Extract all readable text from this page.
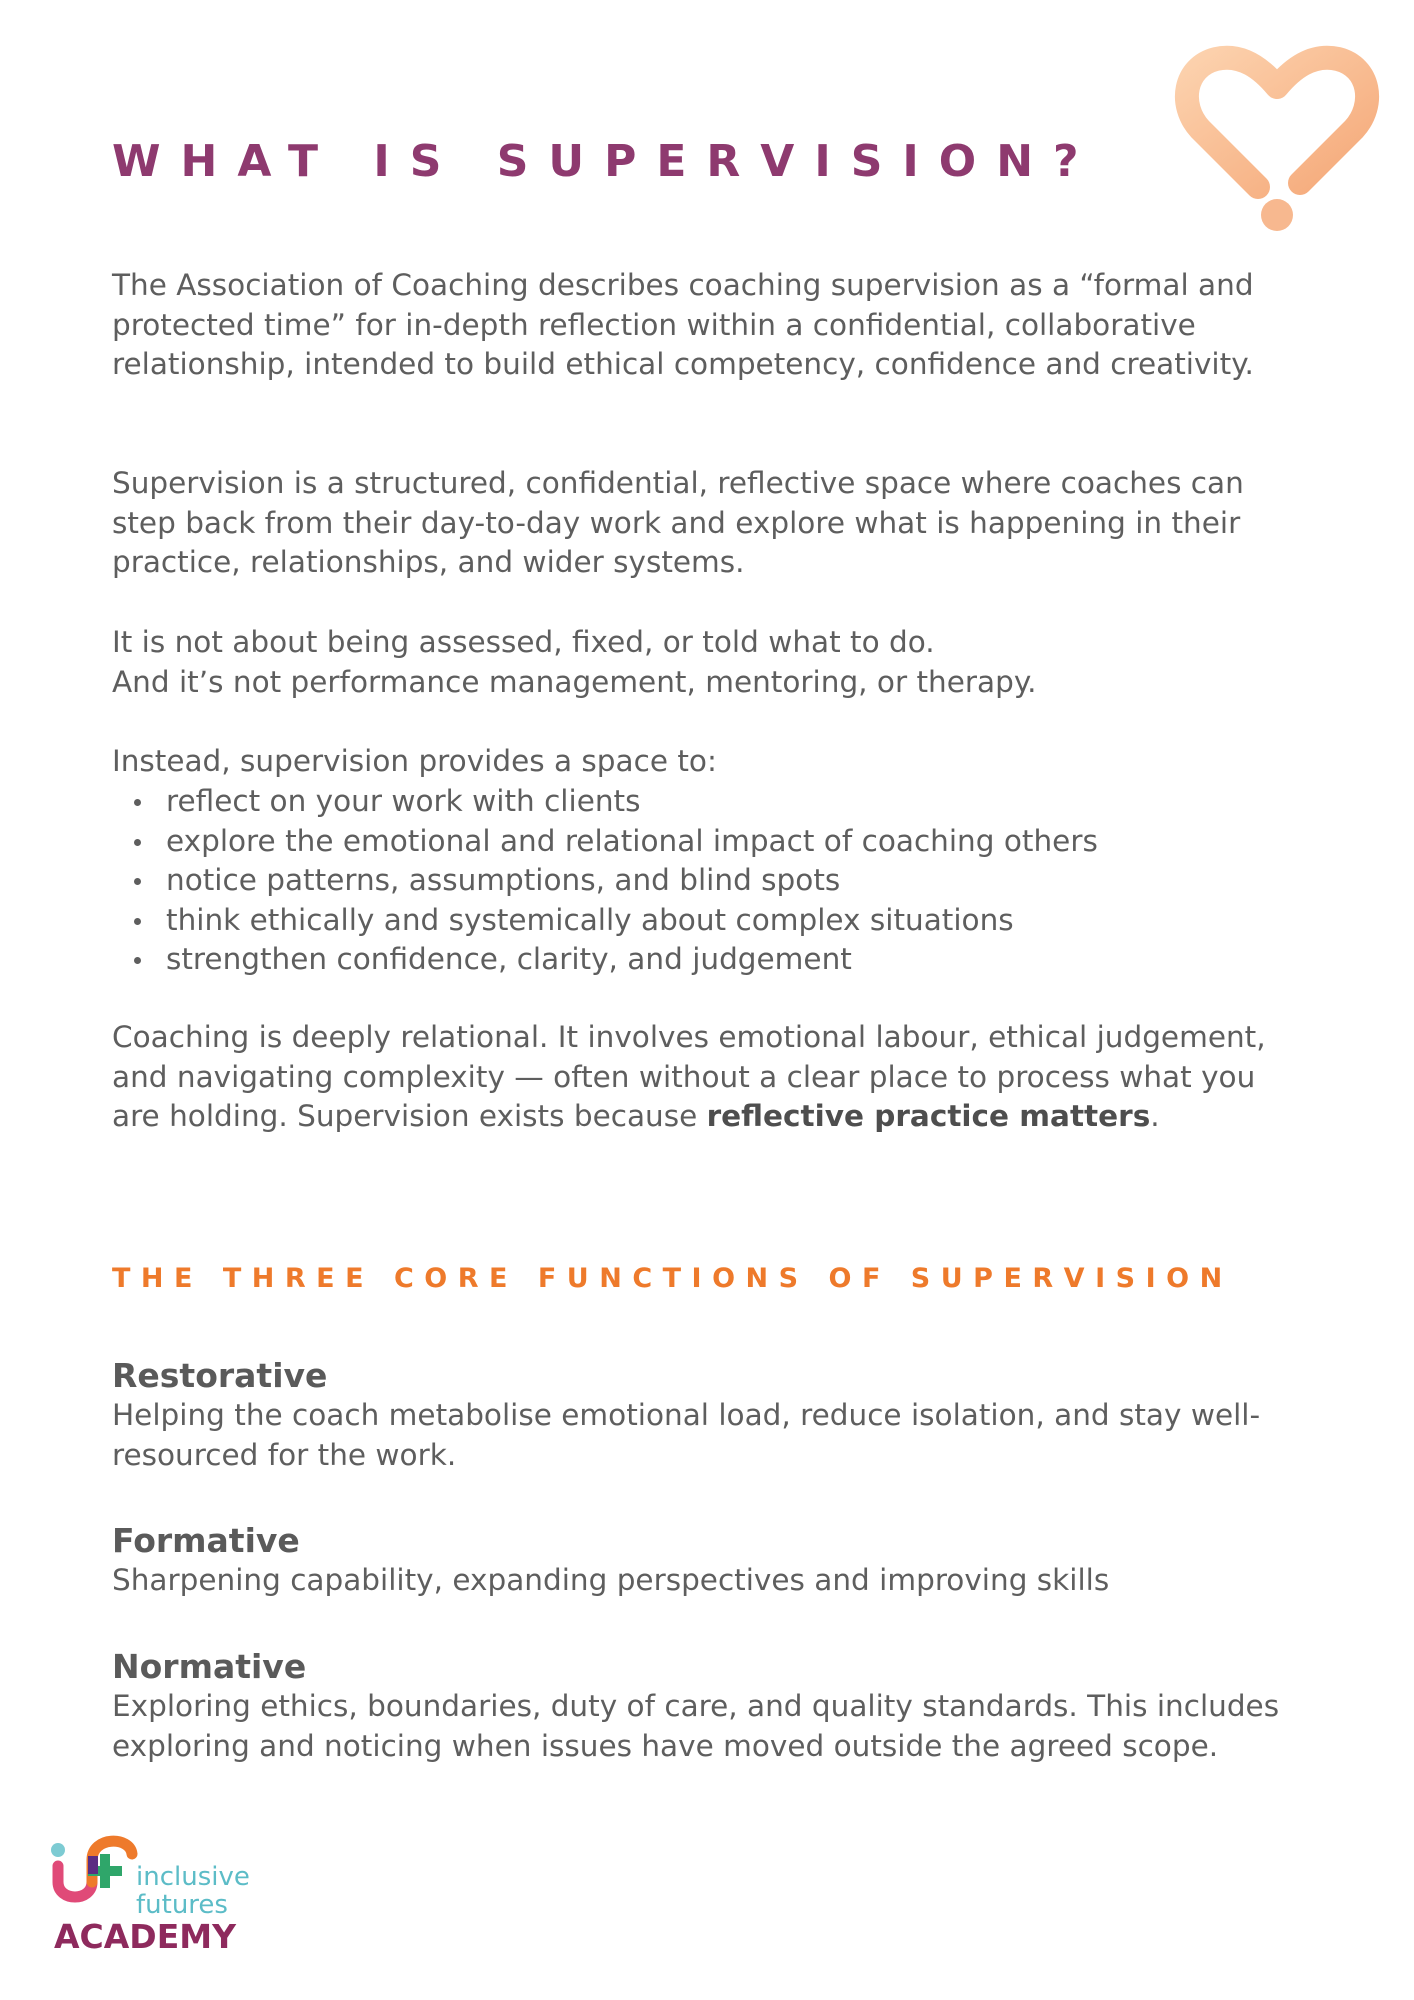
WHAT IS SUPERVISION?

The Association of Coaching describes coaching supervision as a “formal and protected time” for in-depth reflection within a confidential, collaborative relationship, intended to build ethical competency, confidence and creativity.

Supervision is a structured, confidential, reflective space where coaches can step back from their day-to-day work and explore what is happening in their practice, relationships, and wider systems.

It is not about being assessed, fixed, or told what to do.
And it’s not performance management, mentoring, or therapy.

Instead, supervision provides a space to:

reflect on your work with clients
explore the emotional and relational impact of coaching others
notice patterns, assumptions, and blind spots
think ethically and systemically about complex situations
strengthen confidence, clarity, and judgement

Coaching is deeply relational. It involves emotional labour, ethical judgement, and navigating complexity — often without a clear place to process what you are holding. Supervision exists because reflective practice matters.

THE THREE CORE FUNCTIONS OF SUPERVISION
Restorative

Helping the coach metabolise emotional load, reduce isolation, and stay well-resourced for the work.

Formative

Sharpening capability, expanding perspectives and improving skills

Normative

Exploring ethics, boundaries, duty of care, and quality standards. This includes exploring and noticing when issues have moved outside the agreed scope.

inclusive
futures
ACADEMY
